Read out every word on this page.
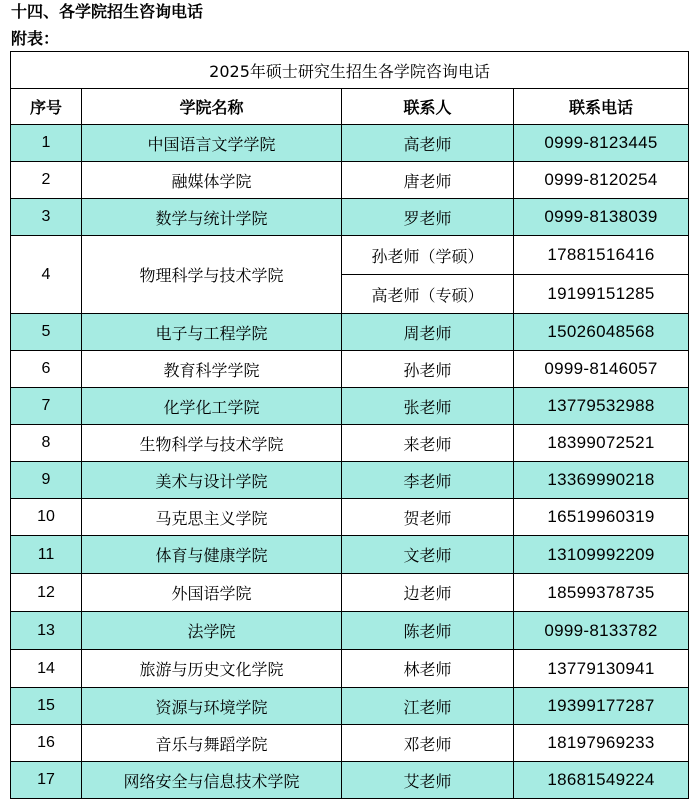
十四、各学院招生咨询电话
附表：
2025年硕士研究生招生各学院咨询电话			
序号	学院名称	联系人	联系电话
1	中国语言文学学院	高老师	0999-8123445
2	融媒体学院	唐老师	0999-8120254
3	数学与统计学院	罗老师	0999-8138039
4	物理科学与技术学院	孙老师（学硕）	17881516416
		高老师（专硕）	19199151285
5	电子与工程学院	周老师	15026048568
6	教育科学学院	孙老师	0999-8146057
7	化学化工学院	张老师	13779532988
8	生物科学与技术学院	来老师	18399072521
9	美术与设计学院	李老师	13369990218
10	马克思主义学院	贺老师	16519960319
11	体育与健康学院	文老师	13109992209
12	外国语学院	边老师	18599378735
13	法学院	陈老师	0999-8133782
14	旅游与历史文化学院	林老师	13779130941
15	资源与环境学院	江老师	19399177287
16	音乐与舞蹈学院	邓老师	18197969233
17	网络安全与信息技术学院	艾老师	18681549224
